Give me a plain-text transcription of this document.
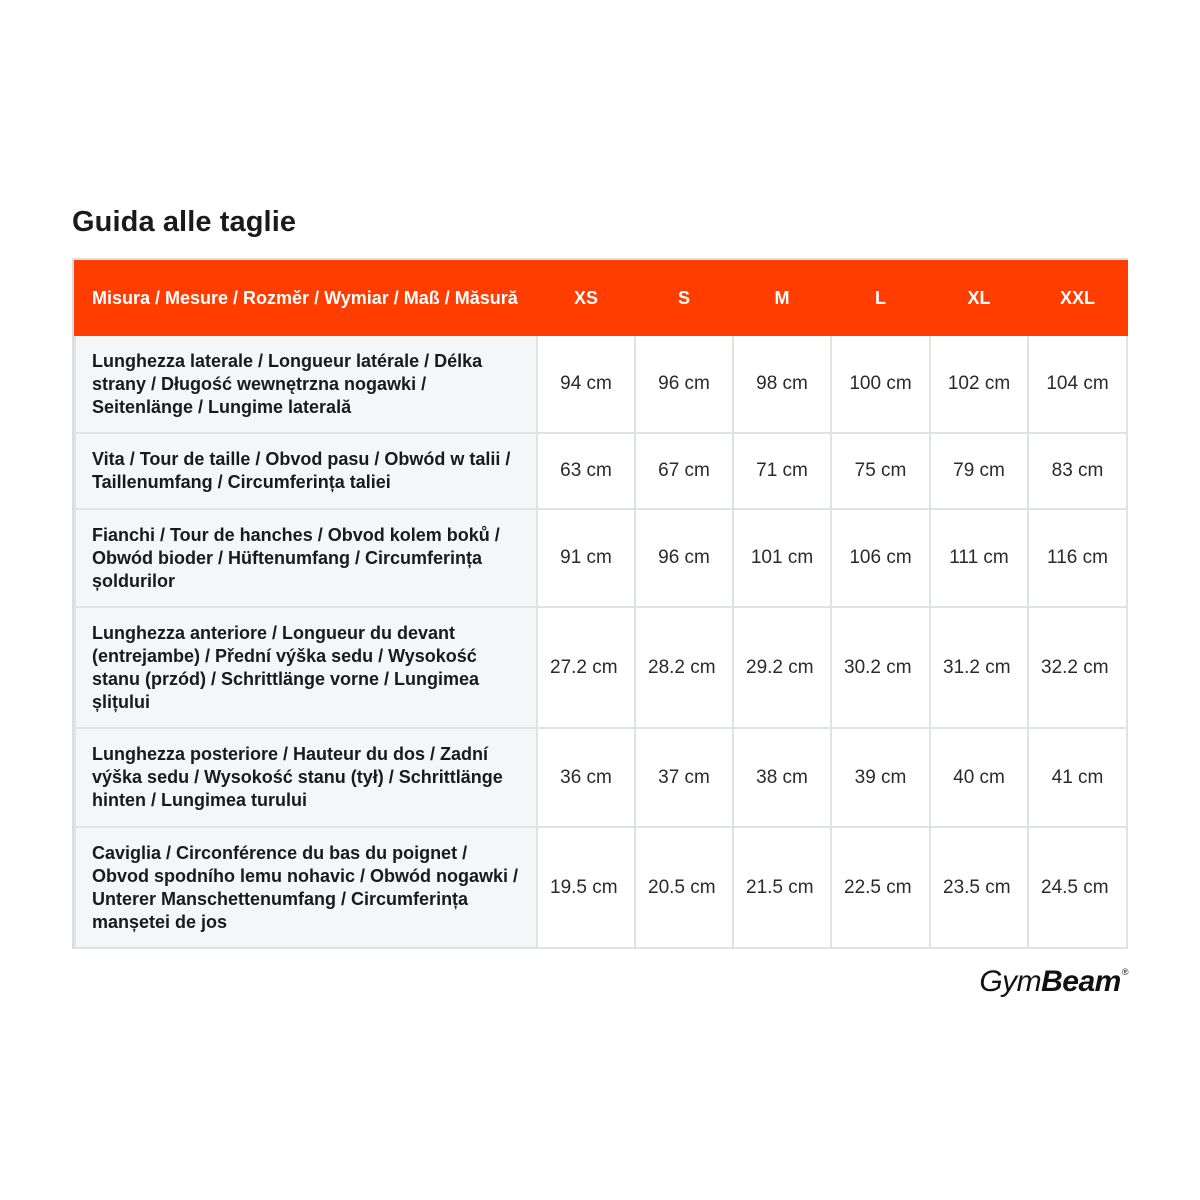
Guida alle taglie
Misura / Mesure / Rozměr / Wymiar / Maß / Măsură	XS	S	M	L	XL	XXL
Lunghezza laterale / Longueur latérale / Délka strany / Długość wewnętrzna nogawki / Seitenlänge / Lungime laterală	94 cm	96 cm	98 cm	100 cm	102 cm	104 cm
Vita / Tour de taille / Obvod pasu / Obwód w talii / Taillenumfang / Circumferința taliei	63 cm	67 cm	71 cm	75 cm	79 cm	83 cm
Fianchi / Tour de hanches / Obvod kolem boků / Obwód bioder / Hüftenumfang / Circumferința șoldurilor	91 cm	96 cm	101 cm	106 cm	111 cm	116 cm
Lunghezza anteriore / Longueur du devant (entrejambe) / Přední výška sedu / Wysokość stanu (przód) / Schrittlänge vorne / Lungimea șlițului	27.2 cm	28.2 cm	29.2 cm	30.2 cm	31.2 cm	32.2 cm
Lunghezza posteriore / Hauteur du dos / Zadní výška sedu / Wysokość stanu (tył) / Schrittlänge hinten / Lungimea turului	36 cm	37 cm	38 cm	39 cm	40 cm	41 cm
Caviglia / Circonférence du bas du poignet / Obvod spodního lemu nohavic / Obwód nogawki / Unterer Manschettenumfang / Circumferința manșetei de jos	19.5 cm	20.5 cm	21.5 cm	22.5 cm	23.5 cm	24.5 cm
GymBeam®
